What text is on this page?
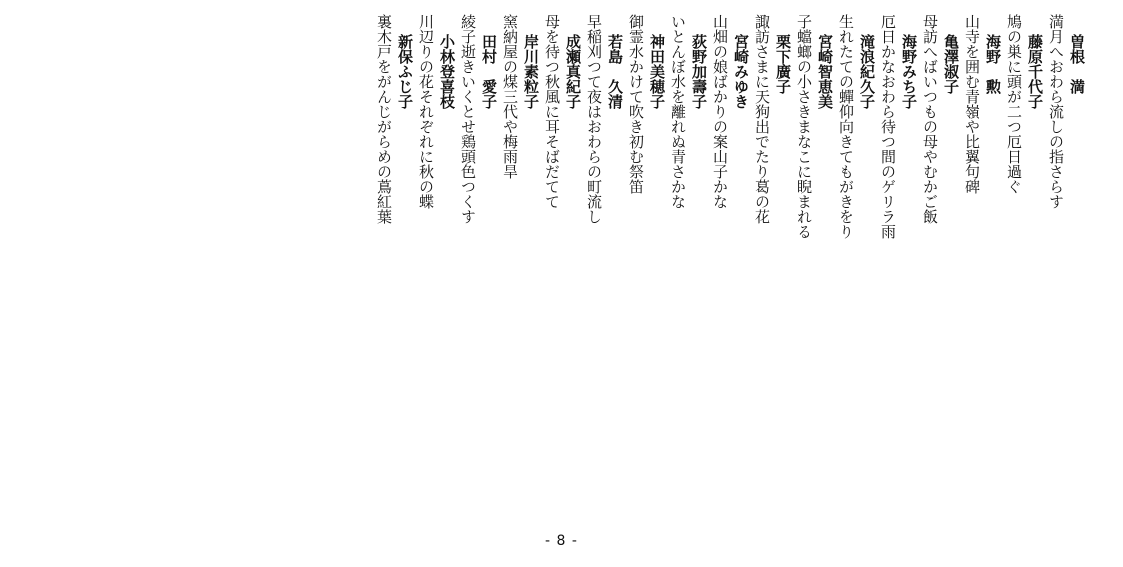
曽根　満
満月へおわら流しの指さらす
藤原千代子
鳩の巣に頭が二つ厄日過ぐ
海野　勲
山寺を囲む青嶺や比翼句碑
亀澤淑子
母訪へばいつもの母やむかご飯
海野みち子
厄日かなおわら待つ間のゲリラ雨
滝浪紀久子
生れたての蟬仰向きてもがきをり
宮崎智恵美
子蟷螂の小さきまなこに睨まれる
栗下廣子
諏訪さまに天狗出でたり葛の花
宮崎みゆき
山畑の娘ばかりの案山子かな
荻野加壽子
いとんぼ水を離れぬ青さかな
神田美穂子
御霊水かけて吹き初む祭笛
若島　久清
早稲刈つて夜はおわらの町流し
成瀬真紀子
母を待つ秋風に耳そばだてて
岸川素粒子
窯納屋の煤三代や梅雨旱
田村　愛子
綾子逝きいくとせ鶏頭色つくす
小林登喜枝
川辺りの花それぞれに秋の蝶
新保ふじ子
裏木戸をがんじがらめの蔦紅葉
- 8 -
